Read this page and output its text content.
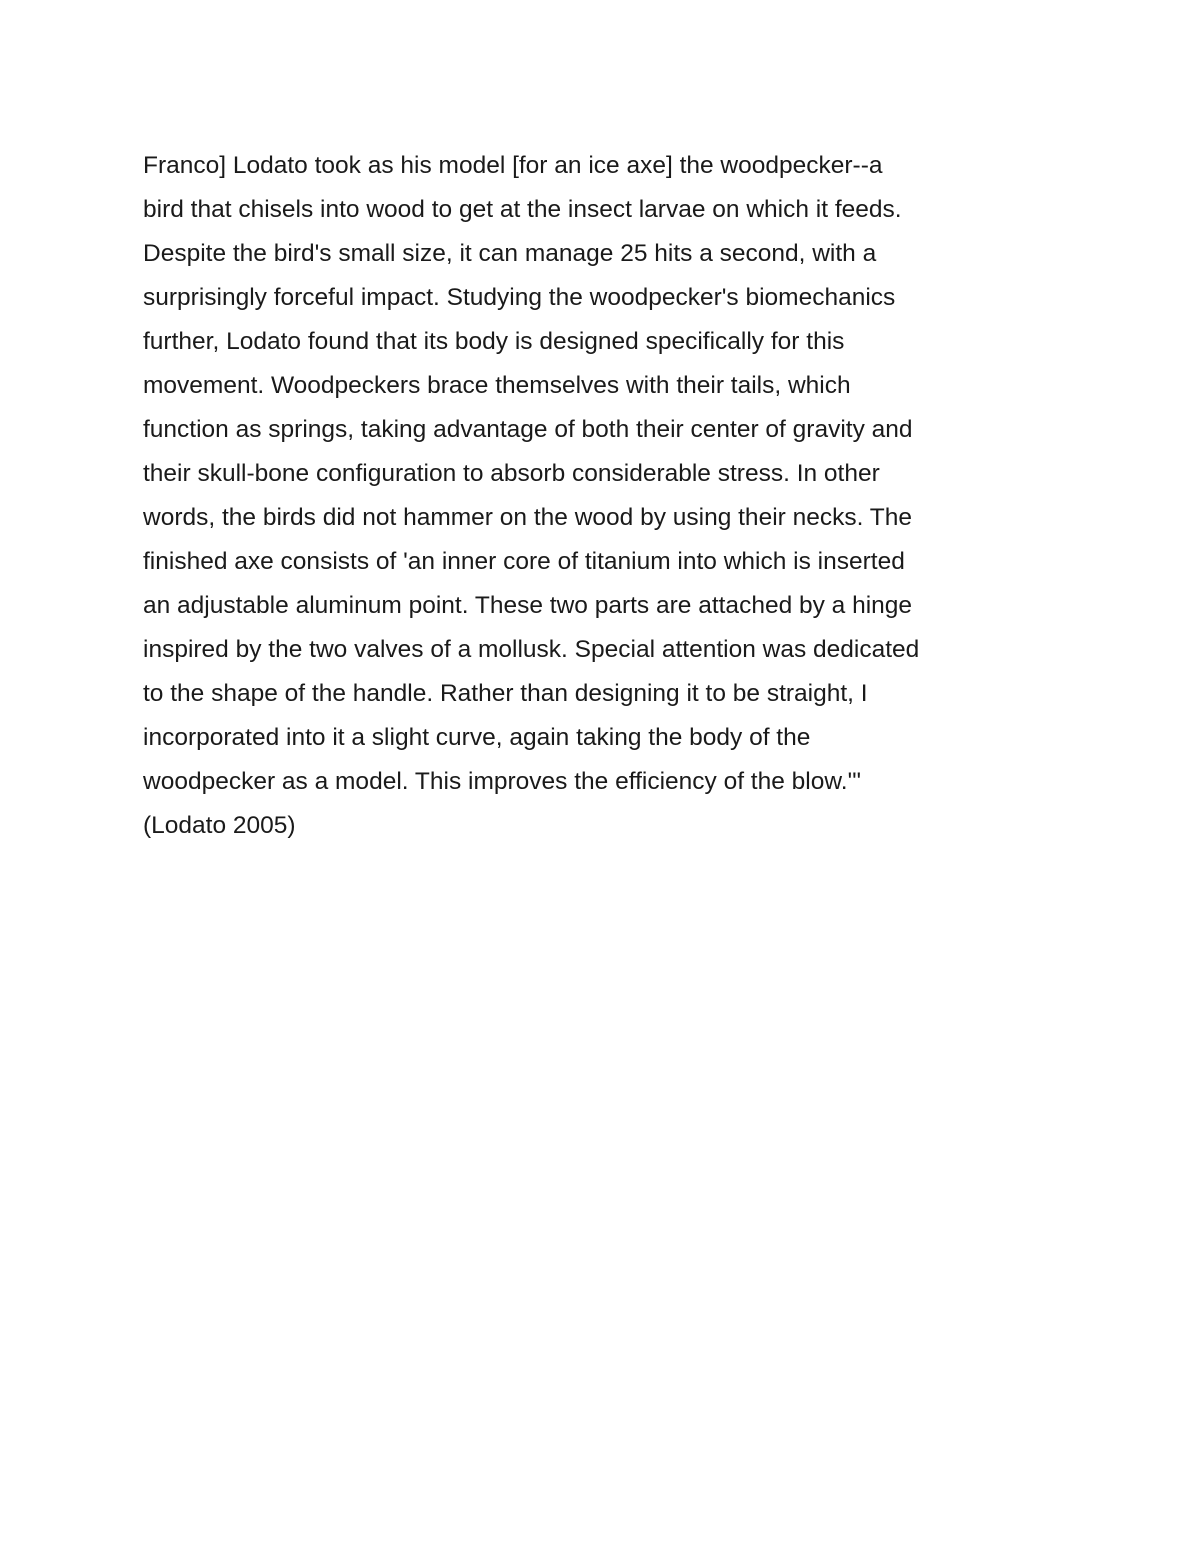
Franco] Lodato took as his model [for an ice axe] the woodpecker--a
bird that chisels into wood to get at the insect larvae on which it feeds.
Despite the bird's small size, it can manage 25 hits a second, with a
surprisingly forceful impact. Studying the woodpecker's biomechanics
further, Lodato found that its body is designed specifically for this
movement. Woodpeckers brace themselves with their tails, which
function as springs, taking advantage of both their center of gravity and
their skull-bone configuration to absorb considerable stress. In other
words, the birds did not hammer on the wood by using their necks. The
finished axe consists of 'an inner core of titanium into which is inserted
an adjustable aluminum point. These two parts are attached by a hinge
inspired by the two valves of a mollusk. Special attention was dedicated
to the shape of the handle. Rather than designing it to be straight, I
incorporated into it a slight curve, again taking the body of the
woodpecker as a model. This improves the efficiency of the blow.'"
(Lodato 2005)
